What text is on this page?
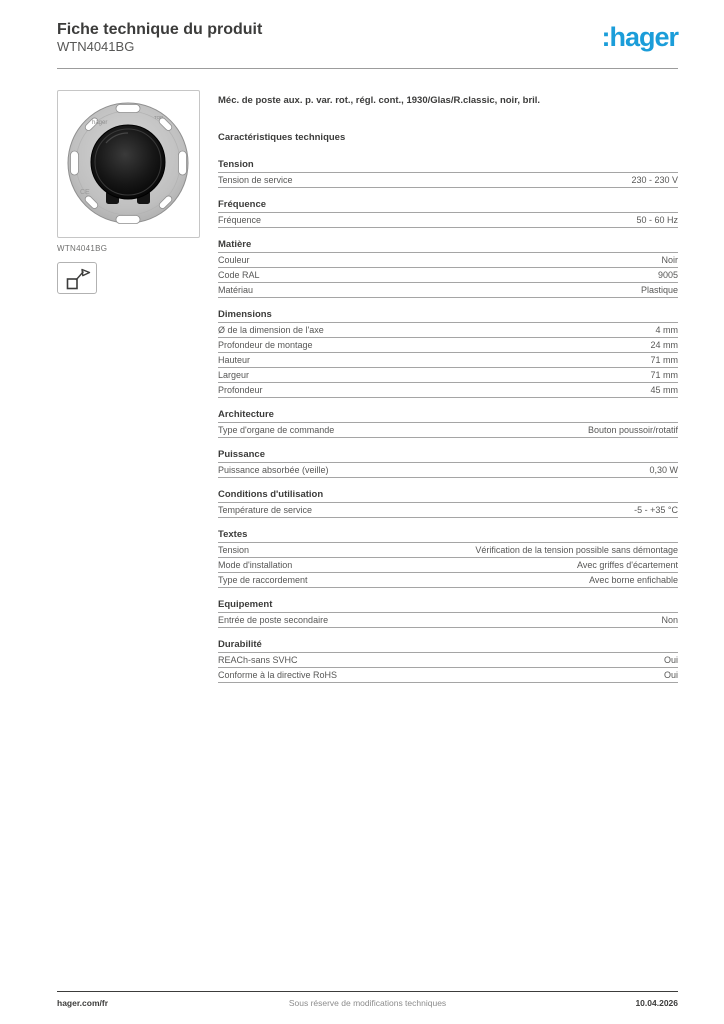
Fiche technique du produit
WTN4041BG	:hager
hager
TOP
CE
WTN4041BG

Méc. de poste aux. p. var. rot., régl. cont., 1930/Glas/R.classic, noir, bril.

Caractéristiques techniques
Tension
Tension de service	230 - 230 V
Fréquence
Fréquence	50 - 60 Hz
Matière
Couleur	Noir
Code RAL	9005
Matériau	Plastique
Dimensions
Ø de la dimension de l'axe	4 mm
Profondeur de montage	24 mm
Hauteur	71 mm
Largeur	71 mm
Profondeur	45 mm
Architecture
Type d'organe de commande	Bouton poussoir/rotatif
Puissance
Puissance absorbée (veille)	0,30 W
Conditions d'utilisation
Température de service	-5 - +35 °C
Textes
Tension	Vérification de la tension possible sans démontage
Mode d'installation	Avec griffes d'écartement
Type de raccordement	Avec borne enfichable
Equipement
Entrée de poste secondaire	Non
Durabilité
REACh-sans SVHC	Oui
Conforme à la directive RoHS	Oui
hager.com/fr	Sous réserve de modifications techniques	10.04.2026
